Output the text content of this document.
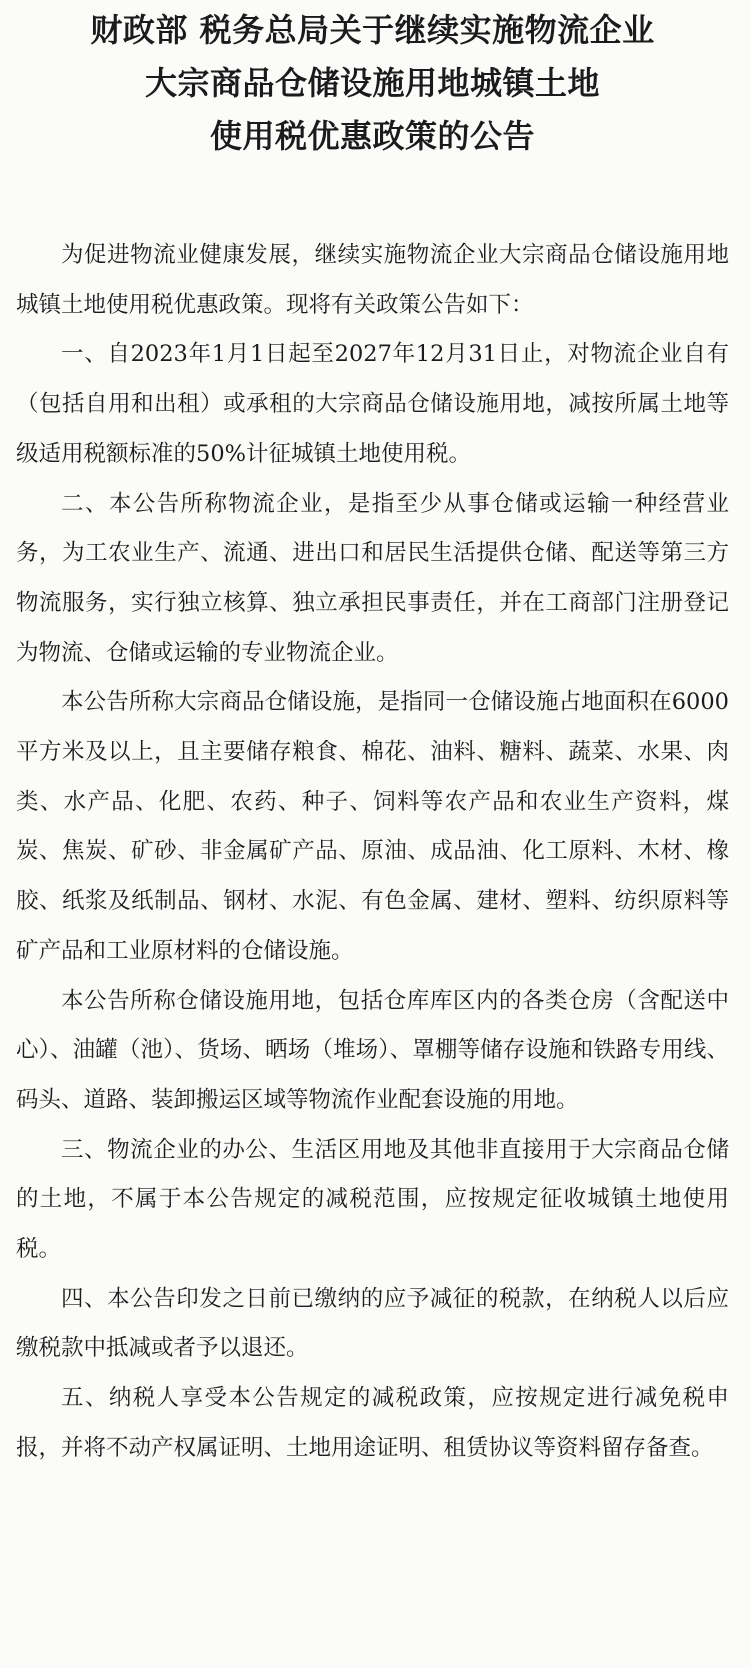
财政部 税务总局关于继续实施物流企业
大宗商品仓储设施用地城镇土地
使用税优惠政策的公告

为促进物流业健康发展，继续实施物流企业大宗商品仓储设施用地城镇土地使用税优惠政策。现将有关政策公告如下：

一、自2023年1月1日起至2027年12月31日止，对物流企业自有（包括自用和出租）或承租的大宗商品仓储设施用地，减按所属土地等级适用税额标准的50%计征城镇土地使用税。

二、本公告所称物流企业，是指至少从事仓储或运输一种经营业务，为工农业生产、流通、进出口和居民生活提供仓储、配送等第三方物流服务，实行独立核算、独立承担民事责任，并在工商部门注册登记为物流、仓储或运输的专业物流企业。

本公告所称大宗商品仓储设施，是指同一仓储设施占地面积在6000平方米及以上，且主要储存粮食、棉花、油料、糖料、蔬菜、水果、肉类、水产品、化肥、农药、种子、饲料等农产品和农业生产资料，煤炭、焦炭、矿砂、非金属矿产品、原油、成品油、化工原料、木材、橡胶、纸浆及纸制品、钢材、水泥、有色金属、建材、塑料、纺织原料等矿产品和工业原材料的仓储设施。

本公告所称仓储设施用地，包括仓库库区内的各类仓房（含配送中心）、油罐（池）、货场、晒场（堆场）、罩棚等储存设施和铁路专用线、码头、道路、装卸搬运区域等物流作业配套设施的用地。

三、物流企业的办公、生活区用地及其他非直接用于大宗商品仓储的土地，不属于本公告规定的减税范围，应按规定征收城镇土地使用税。

四、本公告印发之日前已缴纳的应予减征的税款，在纳税人以后应缴税款中抵减或者予以退还。

五、纳税人享受本公告规定的减税政策，应按规定进行减免税申报，并将不动产权属证明、土地用途证明、租赁协议等资料留存备查。
